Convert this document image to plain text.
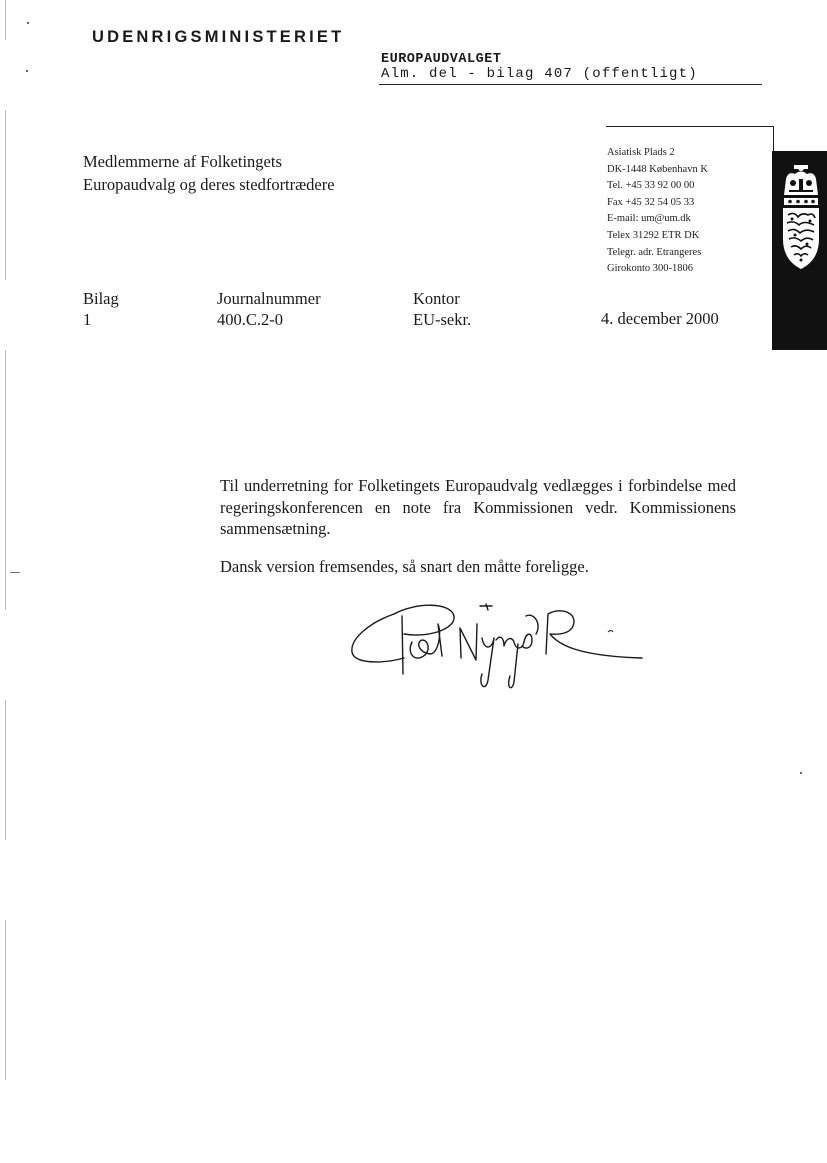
UDENRIGSMINISTERIET
EUROPAUDVALGET
Alm. del - bilag 407 (offentligt)
Medlemmerne af Folketingets
Europaudvalg og deres stedfortrædere
Asiatisk Plads 2
DK-1448 København K
Tel. +45 33 92 00 00
Fax +45 32 54 05 33
E-mail: um@um.dk
Telex 31292 ETR DK
Telegr. adr. Etrangeres
Girokonto 300-1806
Bilag
1
Journalnummer
400.C.2-0
Kontor
EU-sekr.	4. december 2000
Til underretning for Folketingets Europaudvalg vedlægges i forbindelse med regeringskonferencen en note fra Kommissionen vedr. Kommissionens sammensætning.
Dansk version fremsendes, så snart den måtte foreligge.
